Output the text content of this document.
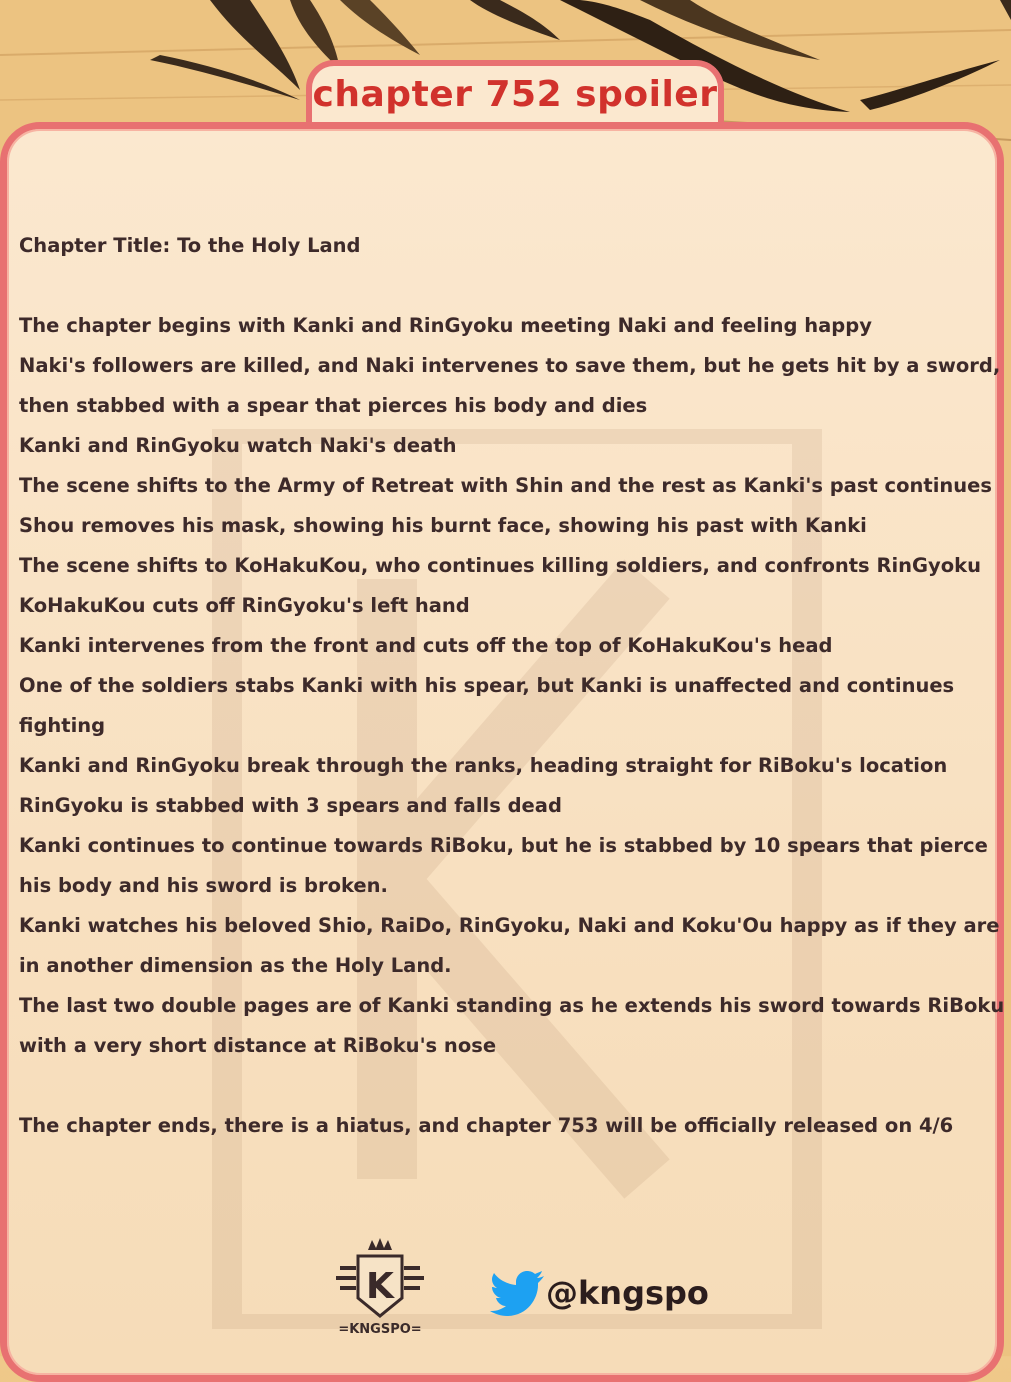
chapter 752 spoiler
Chapter Title: To the Holy Land
The chapter begins with Kanki and RinGyoku meeting Naki and feeling happy
Naki's followers are killed, and Naki intervenes to save them, but he gets hit by a sword,
then stabbed with a spear that pierces his body and dies
Kanki and RinGyoku watch Naki's death
The scene shifts to the Army of Retreat with Shin and the rest as Kanki's past continues
Shou removes his mask, showing his burnt face, showing his past with Kanki
The scene shifts to KoHakuKou, who continues killing soldiers, and confronts RinGyoku
KoHakuKou cuts off RinGyoku's left hand
Kanki intervenes from the front and cuts off the top of KoHakuKou's head
One of the soldiers stabs Kanki with his spear, but Kanki is unaffected and continues
fighting
Kanki and RinGyoku break through the ranks, heading straight for RiBoku's location
RinGyoku is stabbed with 3 spears and falls dead
Kanki continues to continue towards RiBoku, but he is stabbed by 10 spears that pierce
his body and his sword is broken.
Kanki watches his beloved Shio, RaiDo, RinGyoku, Naki and Koku'Ou happy as if they are
in another dimension as the Holy Land.
The last two double pages are of Kanki standing as he extends his sword towards RiBoku
with a very short distance at RiBoku's nose
The chapter ends, there is a hiatus, and chapter 753 will be officially released on 4/6
K
=KNGSPO=
@kngspo
